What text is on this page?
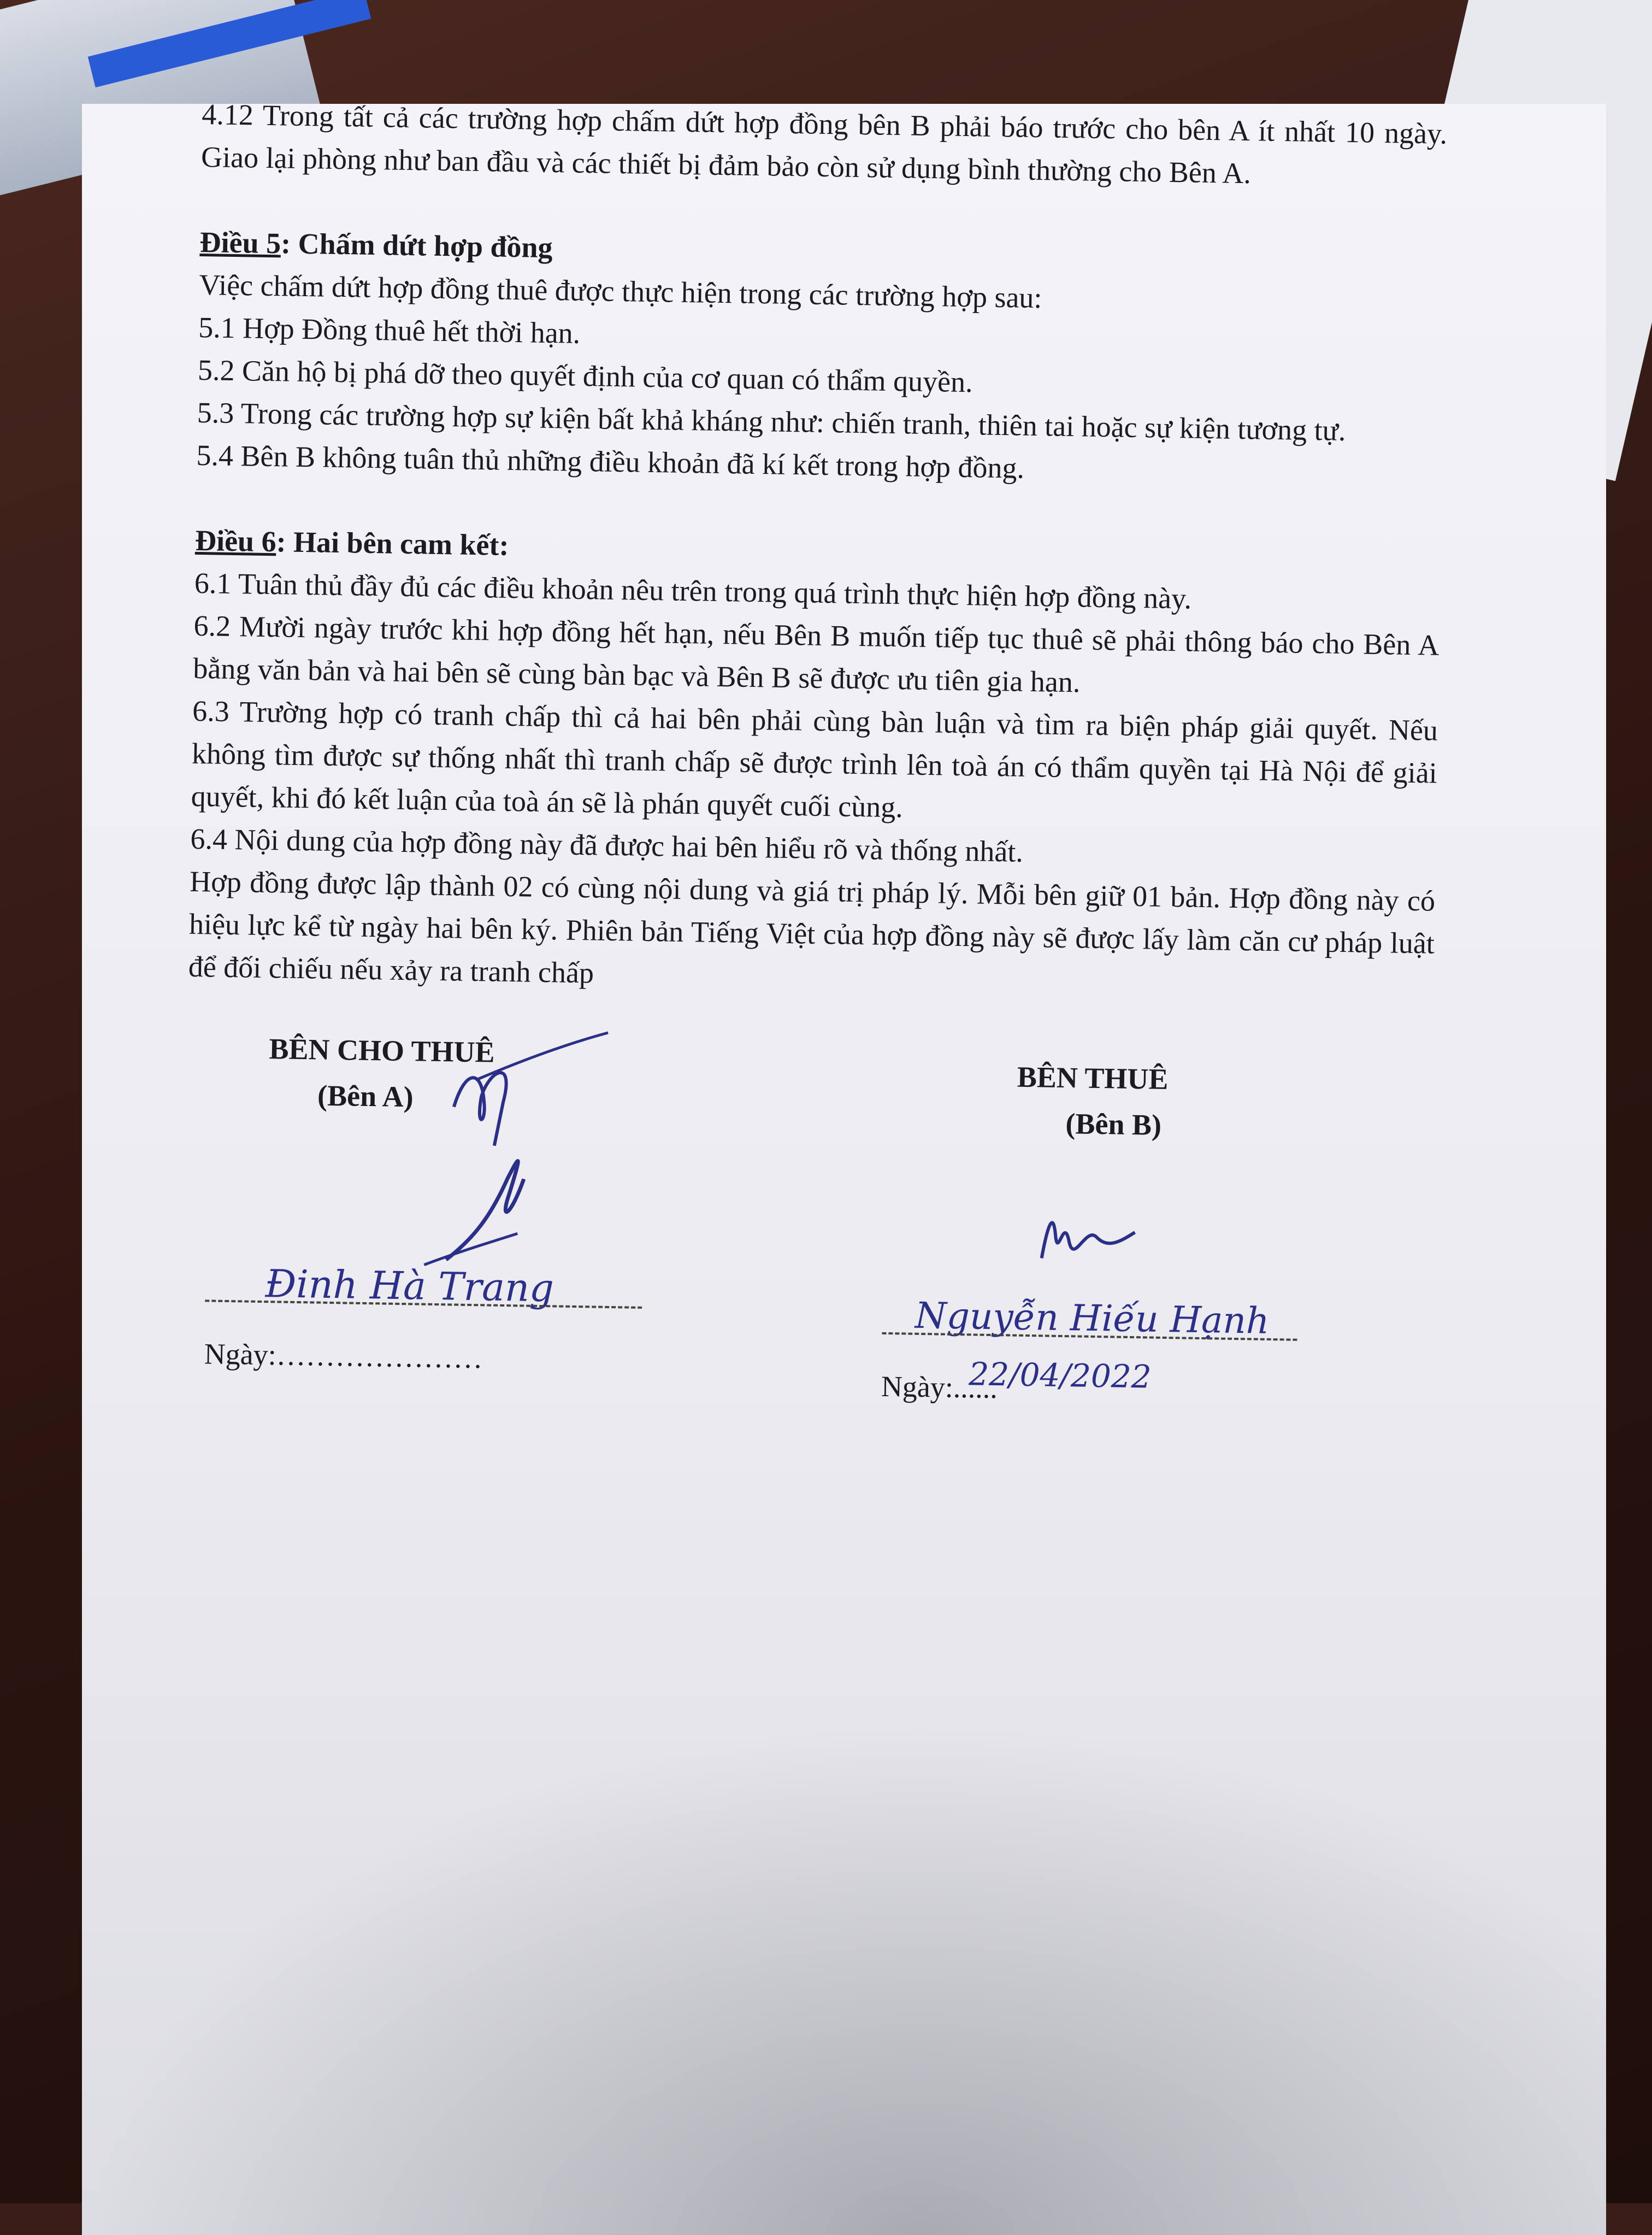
4.12 Trong tất cả các trường hợp chấm dứt hợp đồng bên B phải báo trước cho bên A ít nhất 10 ngày. Giao lại phòng như ban đầu và các thiết bị đảm bảo còn sử dụng bình thường cho Bên A.

Điều 5: Chấm dứt hợp đồng

Việc chấm dứt hợp đồng thuê được thực hiện trong các trường hợp sau:

5.1 Hợp Đồng thuê hết thời hạn.

5.2 Căn hộ bị phá dỡ theo quyết định của cơ quan có thẩm quyền.

5.3 Trong các trường hợp sự kiện bất khả kháng như: chiến tranh, thiên tai hoặc sự kiện tương tự.

5.4 Bên B không tuân thủ những điều khoản đã kí kết trong hợp đồng.

Điều 6: Hai bên cam kết:

6.1 Tuân thủ đầy đủ các điều khoản nêu trên trong quá trình thực hiện hợp đồng này.

6.2 Mười ngày trước khi hợp đồng hết hạn, nếu Bên B muốn tiếp tục thuê sẽ phải thông báo cho Bên A bằng văn bản và hai bên sẽ cùng bàn bạc và Bên B sẽ được ưu tiên gia hạn.

6.3 Trường hợp có tranh chấp thì cả hai bên phải cùng bàn luận và tìm ra biện pháp giải quyết. Nếu không tìm được sự thống nhất thì tranh chấp sẽ được trình lên toà án có thẩm quyền tại Hà Nội để giải quyết, khi đó kết luận của toà án sẽ là phán quyết cuối cùng.

6.4 Nội dung của hợp đồng này đã được hai bên hiểu rõ và thống nhất.

Hợp đồng được lập thành 02 có cùng nội dung và giá trị pháp lý. Mỗi bên giữ 01 bản. Hợp đồng này có hiệu lực kể từ ngày hai bên ký. Phiên bản Tiếng Việt của hợp đồng này sẽ được lấy làm căn cư pháp luật để đối chiếu nếu xảy ra tranh chấp

BÊN CHO THUÊ
(Bên A)
BÊN THUÊ
(Bên B)
Đinh Hà Trang
Ngày:…………………
Nguyễn Hiếu Hạnh
Ngày:......
22/04/2022
